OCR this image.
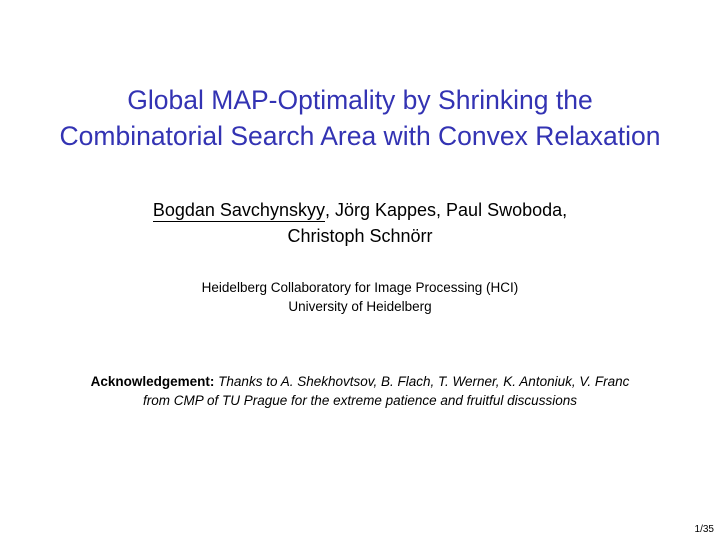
Global MAP-Optimality by Shrinking the
Combinatorial Search Area with Convex Relaxation
Bogdan Savchynskyy, Jörg Kappes, Paul Swoboda,
Christoph Schnörr
Heidelberg Collaboratory for Image Processing (HCI)
University of Heidelberg
Acknowledgement: Thanks to A. Shekhovtsov, B. Flach, T. Werner, K. Antoniuk, V. Franc
from CMP of TU Prague for the extreme patience and fruitful discussions
1/35
